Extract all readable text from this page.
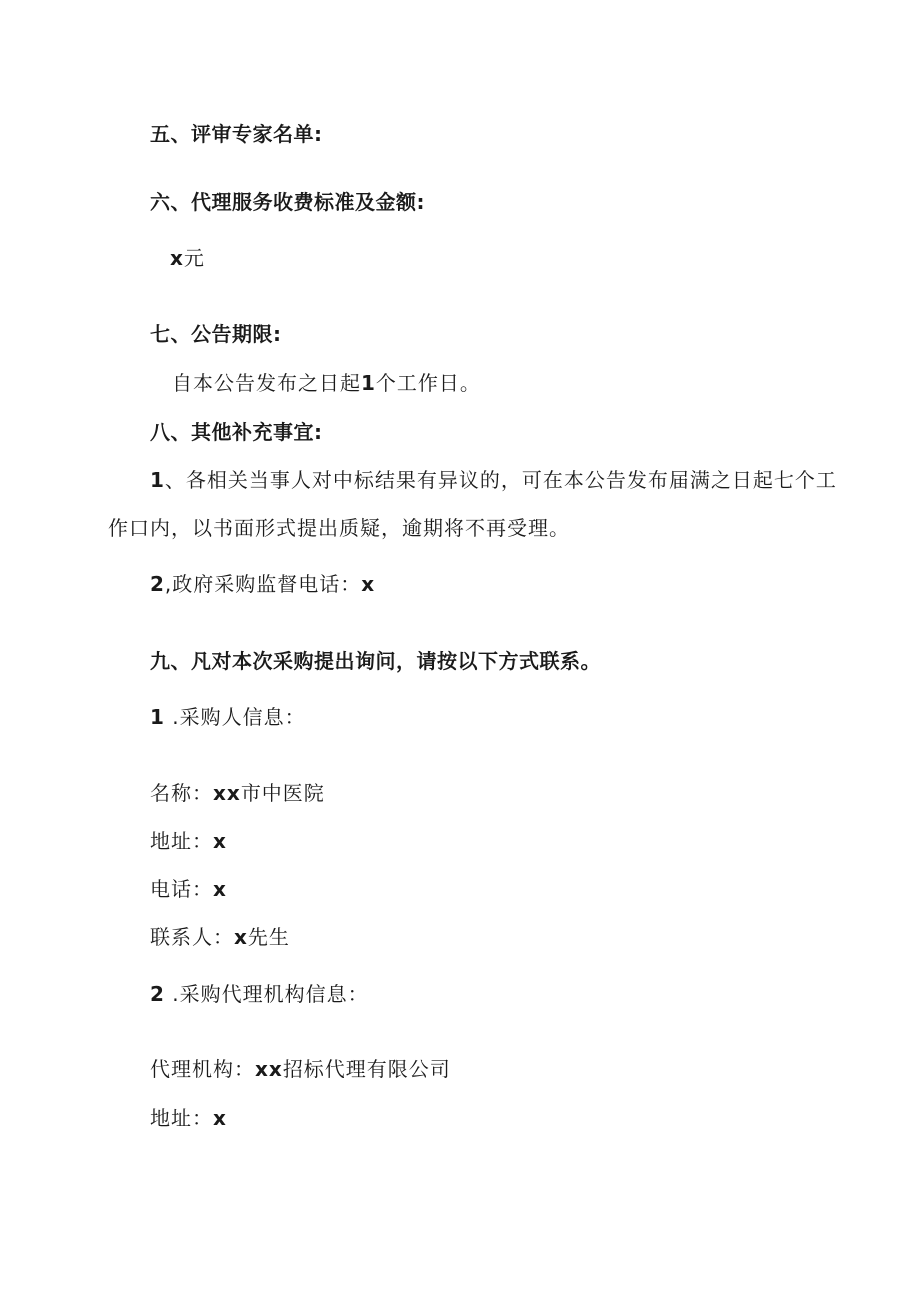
五、评审专家名单:
六、代理服务收费标准及金额:
x元
七、公告期限:
自本公告发布之日起1个工作日。
八、其他补充事宜:
1、各相关当事人对中标结果有异议的，可在本公告发布届满之日起七个工
作口内，以书面形式提出质疑，逾期将不再受理。
2,政府采购监督电话：x
九、凡对本次采购提出询问，请按以下方式联系。
1 .采购人信息：
名称：xx市中医院
地址：x
电话：x
联系人：x先生
2 .采购代理机构信息：
代理机构：xx招标代理有限公司
地址：x
